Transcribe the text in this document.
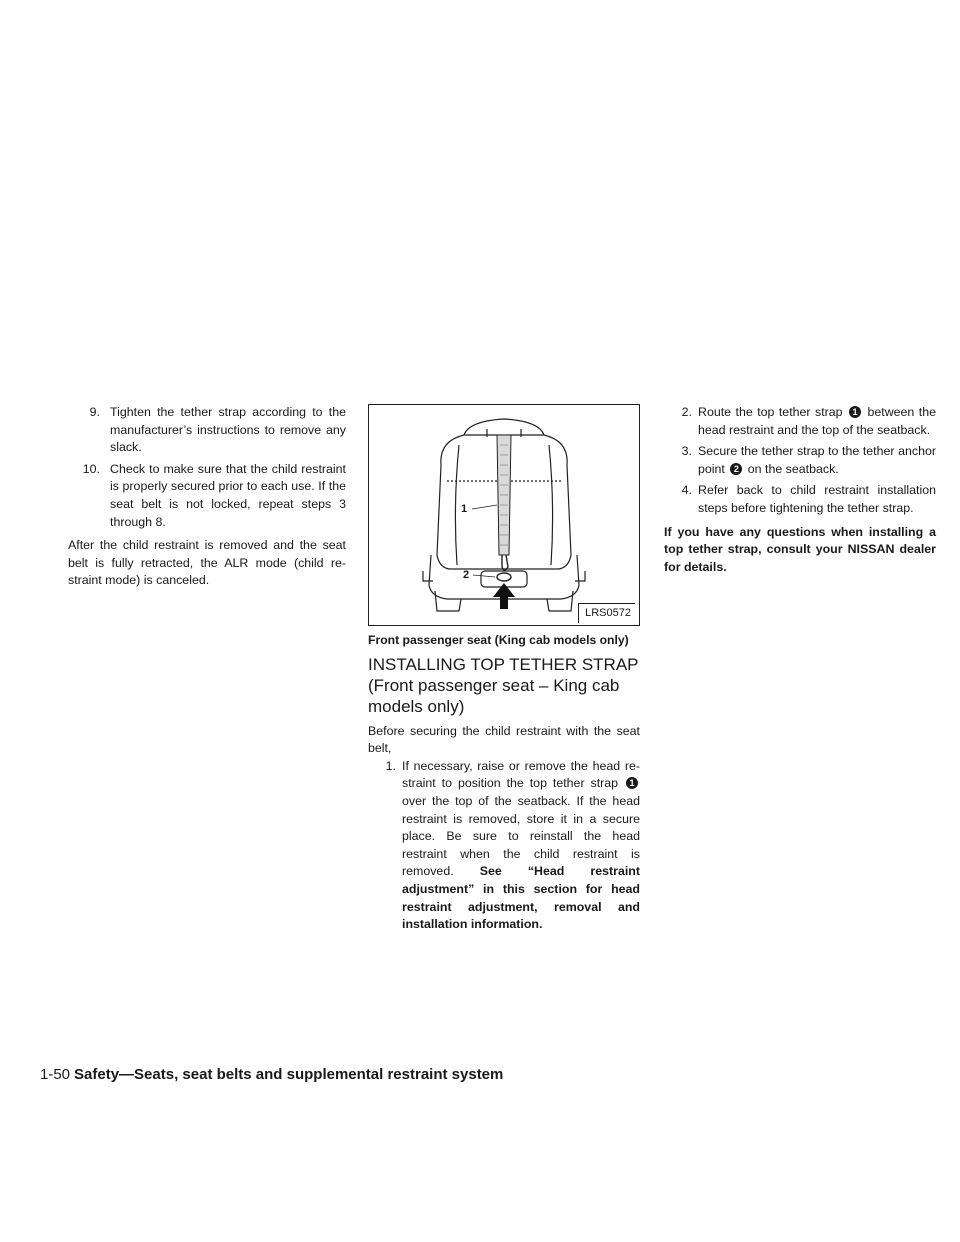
9. Tighten the tether strap according to the manufacturer’s instructions to remove any slack.
10. Check to make sure that the child restraint is properly secured prior to each use. If the seat belt is not locked, repeat steps 3 through 8.

After the child restraint is removed and the seat belt is fully retracted, the ALR mode (child re-straint mode) is canceled.

1
2
LRS0572
Front passenger seat (King cab models only)
INSTALLING TOP TETHER STRAP (Front passenger seat – King cab models only)

Before securing the child restraint with the seat belt,

1. If necessary, raise or remove the head re-straint to position the top tether strap 1 over the top of the seatback. If the head restraint is removed, store it in a secure place. Be sure to reinstall the head restraint when the child restraint is removed. See “Head restraint adjustment” in this section for head restraint adjustment, removal and installation information.
2. Route the top tether strap 1 between the head restraint and the top of the seatback.
3. Secure the tether strap to the tether anchor point 2 on the seatback.
4. Refer back to child restraint installation steps before tightening the tether strap.

If you have any questions when installing a top tether strap, consult your NISSAN dealer for details.

1-50 Safety—Seats, seat belts and supplemental restraint system
